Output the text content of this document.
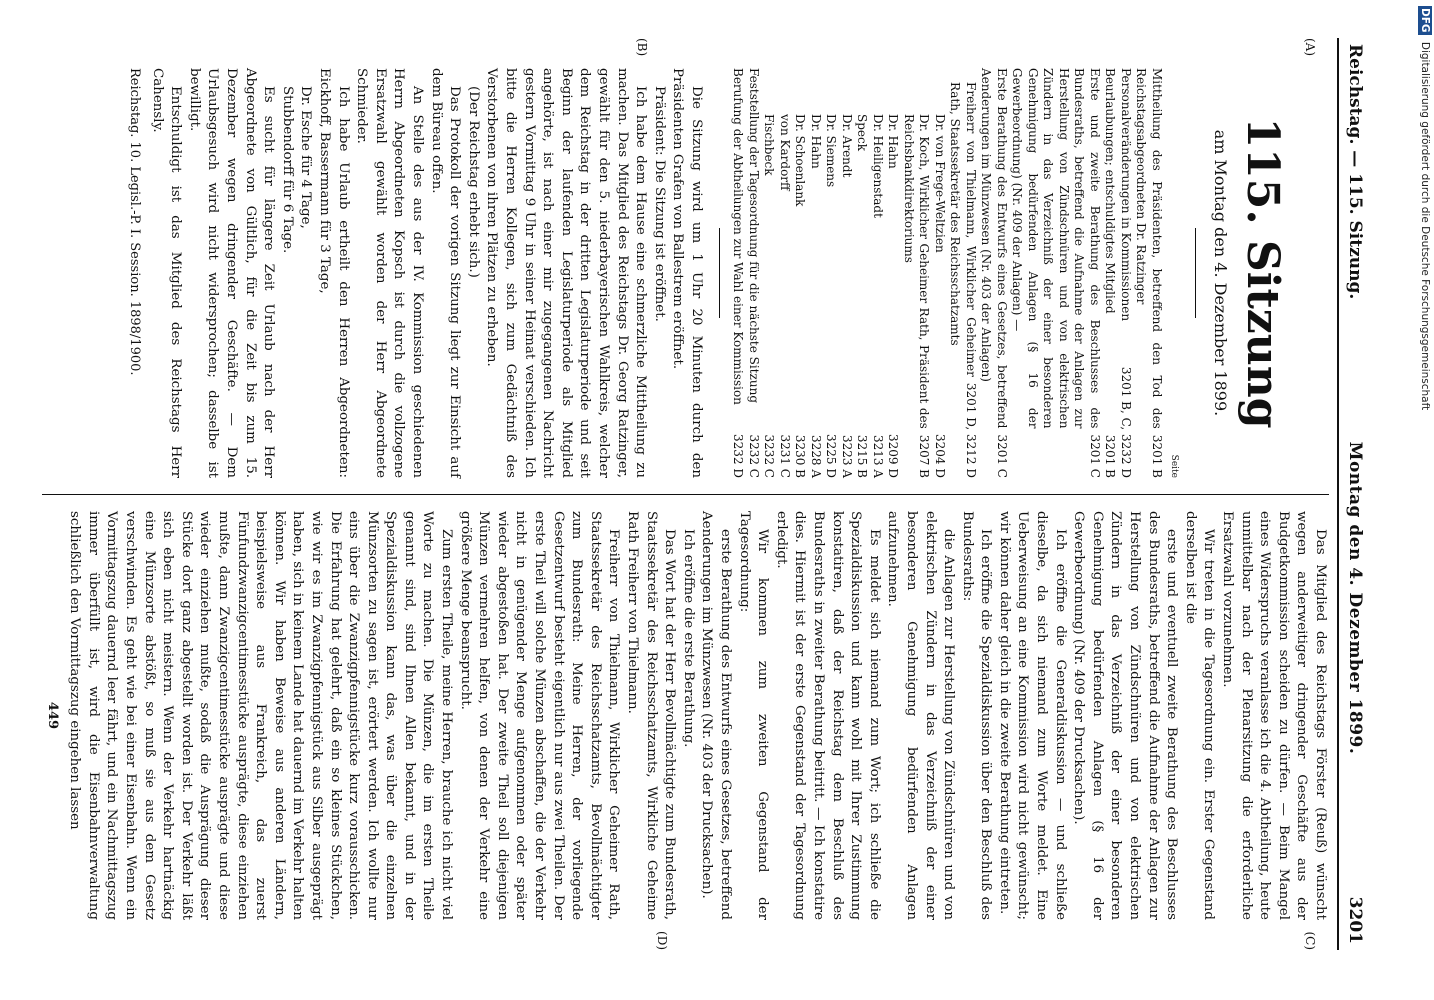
Reichstag. — 115. Sitzung.
Montag den 4. Dezember 1899.
3201
(A)
(B)
(C)
(D)
115. Sitzung
am Montag den 4. Dezember 1899.
Seite
Mittheilung des Präsidenten, betreffend den Tod des Reichstagsabgeordneten Dr. Ratzinger
3201 B
Personalveränderungen in Kommissionen
3201 B, C, 3232 D
Beurlaubungen; entschuldigtes Mitglied
3201 B
Erste und zweite Berathung des Beschlusses des Bundesraths, betreffend die Aufnahme der Anlagen zur Herstellung von Zündschnüren und von elektrischen Zündern in das Verzeichniß der einer besonderen Genehmigung bedürfenden Anlagen (§ 16 der Gewerbeordnung) (Nr. 409 der Anlagen) —
3201 C
Erste Berathung des Entwurfs eines Gesetzes, betreffend Aenderungen im Münzwesen (Nr. 403 der Anlagen)
3201 C
Freiherr von Thielmann, Wirklicher Geheimer Rath, Staatssekretär des Reichsschatzamts
3201 D, 3212 D
Dr. von Frege-Weltzien
3204 D
Dr. Koch, Wirklicher Geheimer Rath, Präsident des Reichsbankdirektoriums
3207 B
Dr. Hahn
3209 D
Dr. Heiligenstadt
3213 A
Speck
3215 B
Dr. Arendt
3223 A
Dr. Siemens
3225 D
Dr. Hahn
3228 A
Dr. Schoenlank
3230 B
von Kardorff
3231 C
Fischbeck
3232 C
Feststellung der Tagesordnung für die nächste Sitzung
3232 C
Berufung der Abtheilungen zur Wahl einer Kommission
3232 D

Die Sitzung wird um 1 Uhr 20 Minuten durch den Präsidenten Grafen von Ballestrem eröffnet.

Präsident: Die Sitzung ist eröffnet.

Ich habe dem Hause eine schmerzliche Mittheilung zu machen. Das Mitglied des Reichstags Dr. Georg Ratzinger, gewählt für den 5. niederbayerischen Wahlkreis, welcher dem Reichstag in der dritten Legislaturperiode und seit Beginn der laufenden Legislaturperiode als Mitglied angehörte, ist nach einer mir zugegangenen Nachricht gestern Vormittag 9 Uhr in seiner Heimat verschieden. Ich bitte die Herren Kollegen, sich zum Gedächtniß des Verstorbenen von ihren Plätzen zu erheben.

(Der Reichstag erhebt sich.)

Das Protokoll der vorigen Sitzung liegt zur Einsicht auf dem Büreau offen.

An Stelle des aus der IV. Kommission geschiedenen Herrn Abgeordneten Kopsch ist durch die vollzogene Ersatzwahl gewählt worden der Herr Abgeordnete Schmieder.

Ich habe Urlaub ertheilt den Herren Abgeordneten: Eickhoff, Bassermann für 3 Tage,

Dr. Esche für 4 Tage,

Stubbendorff für 6 Tage.

Es sucht für längere Zeit Urlaub nach der Herr Abgeordnete von Gültlich, für die Zeit bis zum 15. Dezember wegen dringender Geschäfte. — Dem Urlaubsgesuch wird nicht widersprochen; dasselbe ist bewilligt.

Entschuldigt ist das Mitglied des Reichstags Herr Cahensly.

Reichstag. 10. Legisl.-P. I. Session. 1898/1900.

Das Mitglied des Reichstags Förster (Reuß) wünscht wegen anderweitiger dringender Geschäfte aus der Budgetkommission scheiden zu dürfen. — Beim Mangel eines Widerspruchs veranlasse ich die 4. Abtheilung, heute unmittelbar nach der Plenarsitzung die erforderliche Ersatzwahl vorzunehmen.

Wir treten in die Tagesordnung ein. Erster Gegenstand derselben ist die

erste und eventuell zweite Berathung des Beschlusses des Bundesraths, betreffend die Aufnahme der Anlagen zur Herstellung von Zündschnüren und von elektrischen Zündern in das Verzeichniß der einer besonderen Genehmigung bedürfenden Anlagen (§ 16 der Gewerbeordnung) (Nr. 409 der Drucksachen).

Ich eröffne die Generaldiskussion — und schließe dieselbe, da sich niemand zum Worte meldet. Eine Ueberweisung an eine Kommission wird nicht gewünscht; wir können daher gleich in die zweite Berathung eintreten.

Ich eröffne die Spezialdiskussion über den Beschluß des Bundesraths:

die Anlagen zur Herstellung von Zündschnüren und von elektrischen Zündern in das Verzeichniß der einer besonderen Genehmigung bedürfenden Anlagen aufzunehmen.

Es meldet sich niemand zum Wort; ich schließe die Spezialdiskussion und kann wohl mit Ihrer Zustimmung konstatiren, daß der Reichstag dem Beschluß des Bundesraths in zweiter Berathung beitritt. — Ich konstatire dies. Hiermit ist der erste Gegenstand der Tagesordnung erledigt.

Wir kommen zum zweiten Gegenstand der Tagesordnung:

erste Berathung des Entwurfs eines Gesetzes, betreffend Aenderungen im Münzwesen (Nr. 403 der Drucksachen).

Ich eröffne die erste Berathung.

Das Wort hat der Herr Bevollmächtigte zum Bundesrath, Staatssekretär des Reichsschatzamts, Wirkliche Geheime Rath Freiherr von Thielmann.

Freiherr von Thielmann, Wirklicher Geheimer Rath, Staatssekretär des Reichsschatzamts, Bevollmächtigter zum Bundesrath: Meine Herren, der vorliegende Gesetzentwurf besteht eigentlich nur aus zwei Theilen. Der erste Theil will solche Münzen abschaffen, die der Verkehr nicht in genügender Menge aufgenommen oder später wieder abgestoßen hat. Der zweite Theil soll diejenigen Münzen vermehren helfen, von denen der Verkehr eine größere Menge beansprucht.

Zum ersten Theile, meine Herren, brauche ich nicht viel Worte zu machen. Die Münzen, die im ersten Theile genannt sind, sind Ihnen Allen bekannt, und in der Spezialdiskussion kann das, was über die einzelnen Münzsorten zu sagen ist, erörtert werden. Ich wollte nur eins über die Zwanzigpfennigstücke kurz vorausschicken. Die Erfahrung hat gelehrt, daß ein so kleines Stückchen, wie wir es im Zwanzigpfennigstück aus Silber ausgeprägt haben, sich in keinem Lande hat dauernd im Verkehr halten können. Wir haben Beweise aus anderen Ländern, beispielsweise aus Frankreich, das zuerst Fünfundzwanzigcentimesstücke ausprägte, diese einziehen mußte, dann Zwanzigcentimesstücke ausprägte und diese wieder einziehen mußte, sodaß die Ausprägung dieser Stücke dort ganz abgestellt worden ist. Der Verkehr läßt sich eben nicht meistern. Wenn der Verkehr hartnäckig eine Münzsorte abstößt, so muß sie aus dem Gesetz verschwinden. Es geht wie bei einer Eisenbahn. Wenn ein Vormittagszug dauernd leer fährt, und ein Nachmittagszug immer überfüllt ist, wird die Eisenbahnverwaltung schließlich den Vormittagszug eingehen lassen

449
DFG Digitalisierung gefördert durch die Deutsche Forschungsgemeinschaft
